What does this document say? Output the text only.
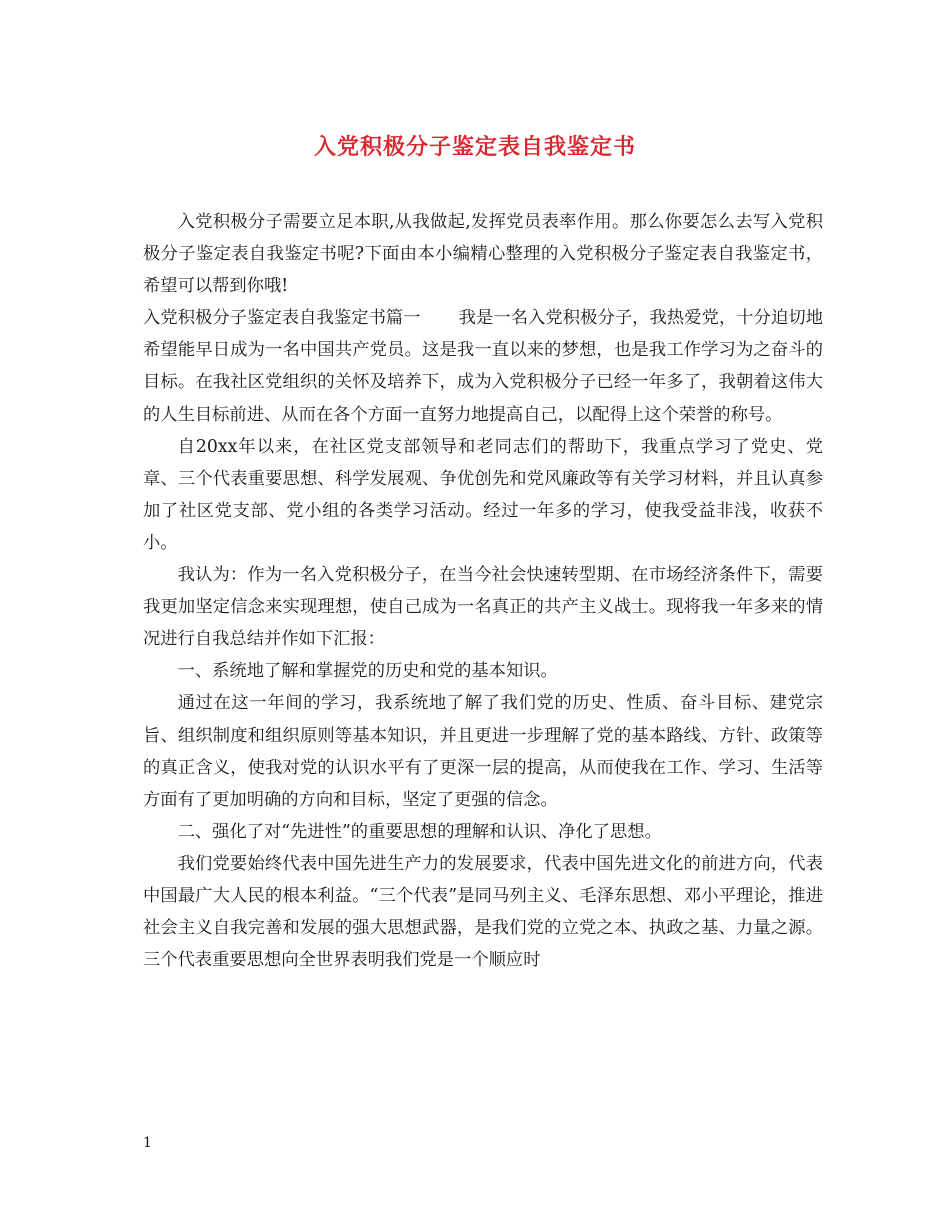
入党积极分子鉴定表自我鉴定书

入党积极分子需要立足本职,从我做起,发挥党员表率作用。那么你要怎么去写入党积极分子鉴定表自我鉴定书呢?下面由本小编精心整理的入党积极分子鉴定表自我鉴定书，希望可以帮到你哦!

入党积极分子鉴定表自我鉴定书篇一 我是一名入党积极分子，我热爱党，十分迫切地希望能早日成为一名中国共产党员。这是我一直以来的梦想，也是我工作学习为之奋斗的目标。在我社区党组织的关怀及培养下，成为入党积极分子已经一年多了，我朝着这伟大的人生目标前进、从而在各个方面一直努力地提高自己，以配得上这个荣誉的称号。

自20xx年以来，在社区党支部领导和老同志们的帮助下，我重点学习了党史、党章、三个代表重要思想、科学发展观、争优创先和党风廉政等有关学习材料，并且认真参加了社区党支部、党小组的各类学习活动。经过一年多的学习，使我受益非浅，收获不小。

我认为：作为一名入党积极分子，在当今社会快速转型期、在市场经济条件下，需要我更加坚定信念来实现理想，使自己成为一名真正的共产主义战士。现将我一年多来的情况进行自我总结并作如下汇报：

一、系统地了解和掌握党的历史和党的基本知识。

通过在这一年间的学习，我系统地了解了我们党的历史、性质、奋斗目标、建党宗旨、组织制度和组织原则等基本知识，并且更进一步理解了党的基本路线、方针、政策等的真正含义，使我对党的认识水平有了更深一层的提高，从而使我在工作、学习、生活等方面有了更加明确的方向和目标，坚定了更强的信念。

二、强化了对“先进性”的重要思想的理解和认识、净化了思想。

我们党要始终代表中国先进生产力的发展要求，代表中国先进文化的前进方向，代表中国最广大人民的根本利益。“三个代表”是同马列主义、毛泽东思想、邓小平理论，推进社会主义自我完善和发展的强大思想武器，是我们党的立党之本、执政之基、力量之源。三个代表重要思想向全世界表明我们党是一个顺应时

1
